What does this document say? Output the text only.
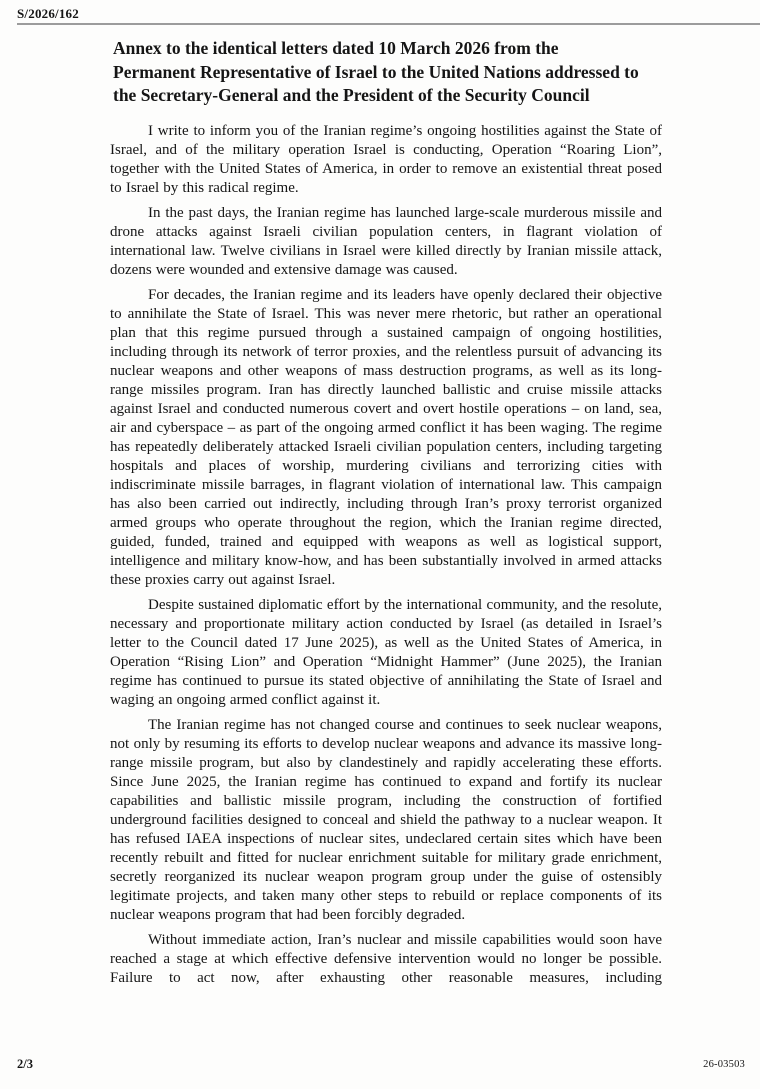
S/2026/162
Annex to the identical letters dated 10 March 2026 from the Permanent Representative of Israel to the United Nations addressed to the Secretary-General and the President of the Security Council

I write to inform you of the Iranian regime’s ongoing hostilities against the State of Israel, and of the military operation Israel is conducting, Operation “Roaring Lion”, together with the United States of America, in order to remove an existential threat posed to Israel by this radical regime.

In the past days, the Iranian regime has launched large-scale murderous missile and drone attacks against Israeli civilian population centers, in flagrant violation of international law. Twelve civilians in Israel were killed directly by Iranian missile attack, dozens were wounded and extensive damage was caused.

For decades, the Iranian regime and its leaders have openly declared their objective to annihilate the State of Israel. This was never mere rhetoric, but rather an operational plan that this regime pursued through a sustained campaign of ongoing hostilities, including through its network of terror proxies, and the relentless pursuit of advancing its nuclear weapons and other weapons of mass destruction programs, as well as its long-range missiles program. Iran has directly launched ballistic and cruise missile attacks against Israel and conducted numerous covert and overt hostile operations – on land, sea, air and cyberspace – as part of the ongoing armed conflict it has been waging. The regime has repeatedly deliberately attacked Israeli civilian population centers, including targeting hospitals and places of worship, murdering civilians and terrorizing cities with indiscriminate missile barrages, in flagrant violation of international law. This campaign has also been carried out indirectly, including through Iran’s proxy terrorist organized armed groups who operate throughout the region, which the Iranian regime directed, guided, funded, trained and equipped with weapons as well as logistical support, intelligence and military know-how, and has been substantially involved in armed attacks these proxies carry out against Israel.

Despite sustained diplomatic effort by the international community, and the resolute, necessary and proportionate military action conducted by Israel (as detailed in Israel’s letter to the Council dated 17 June 2025), as well as the United States of America, in Operation “Rising Lion” and Operation “Midnight Hammer” (June 2025), the Iranian regime has continued to pursue its stated objective of annihilating the State of Israel and waging an ongoing armed conflict against it.

The Iranian regime has not changed course and continues to seek nuclear weapons, not only by resuming its efforts to develop nuclear weapons and advance its massive long-range missile program, but also by clandestinely and rapidly accelerating these efforts. Since June 2025, the Iranian regime has continued to expand and fortify its nuclear capabilities and ballistic missile program, including the construction of fortified underground facilities designed to conceal and shield the pathway to a nuclear weapon. It has refused IAEA inspections of nuclear sites, undeclared certain sites which have been recently rebuilt and fitted for nuclear enrichment suitable for military grade enrichment, secretly reorganized its nuclear weapon program group under the guise of ostensibly legitimate projects, and taken many other steps to rebuild or replace components of its nuclear weapons program that had been forcibly degraded.

Without immediate action, Iran’s nuclear and missile capabilities would soon have reached a stage at which effective defensive intervention would no longer be possible. Failure to act now, after exhausting other reasonable measures, including

2/3	26-03503
